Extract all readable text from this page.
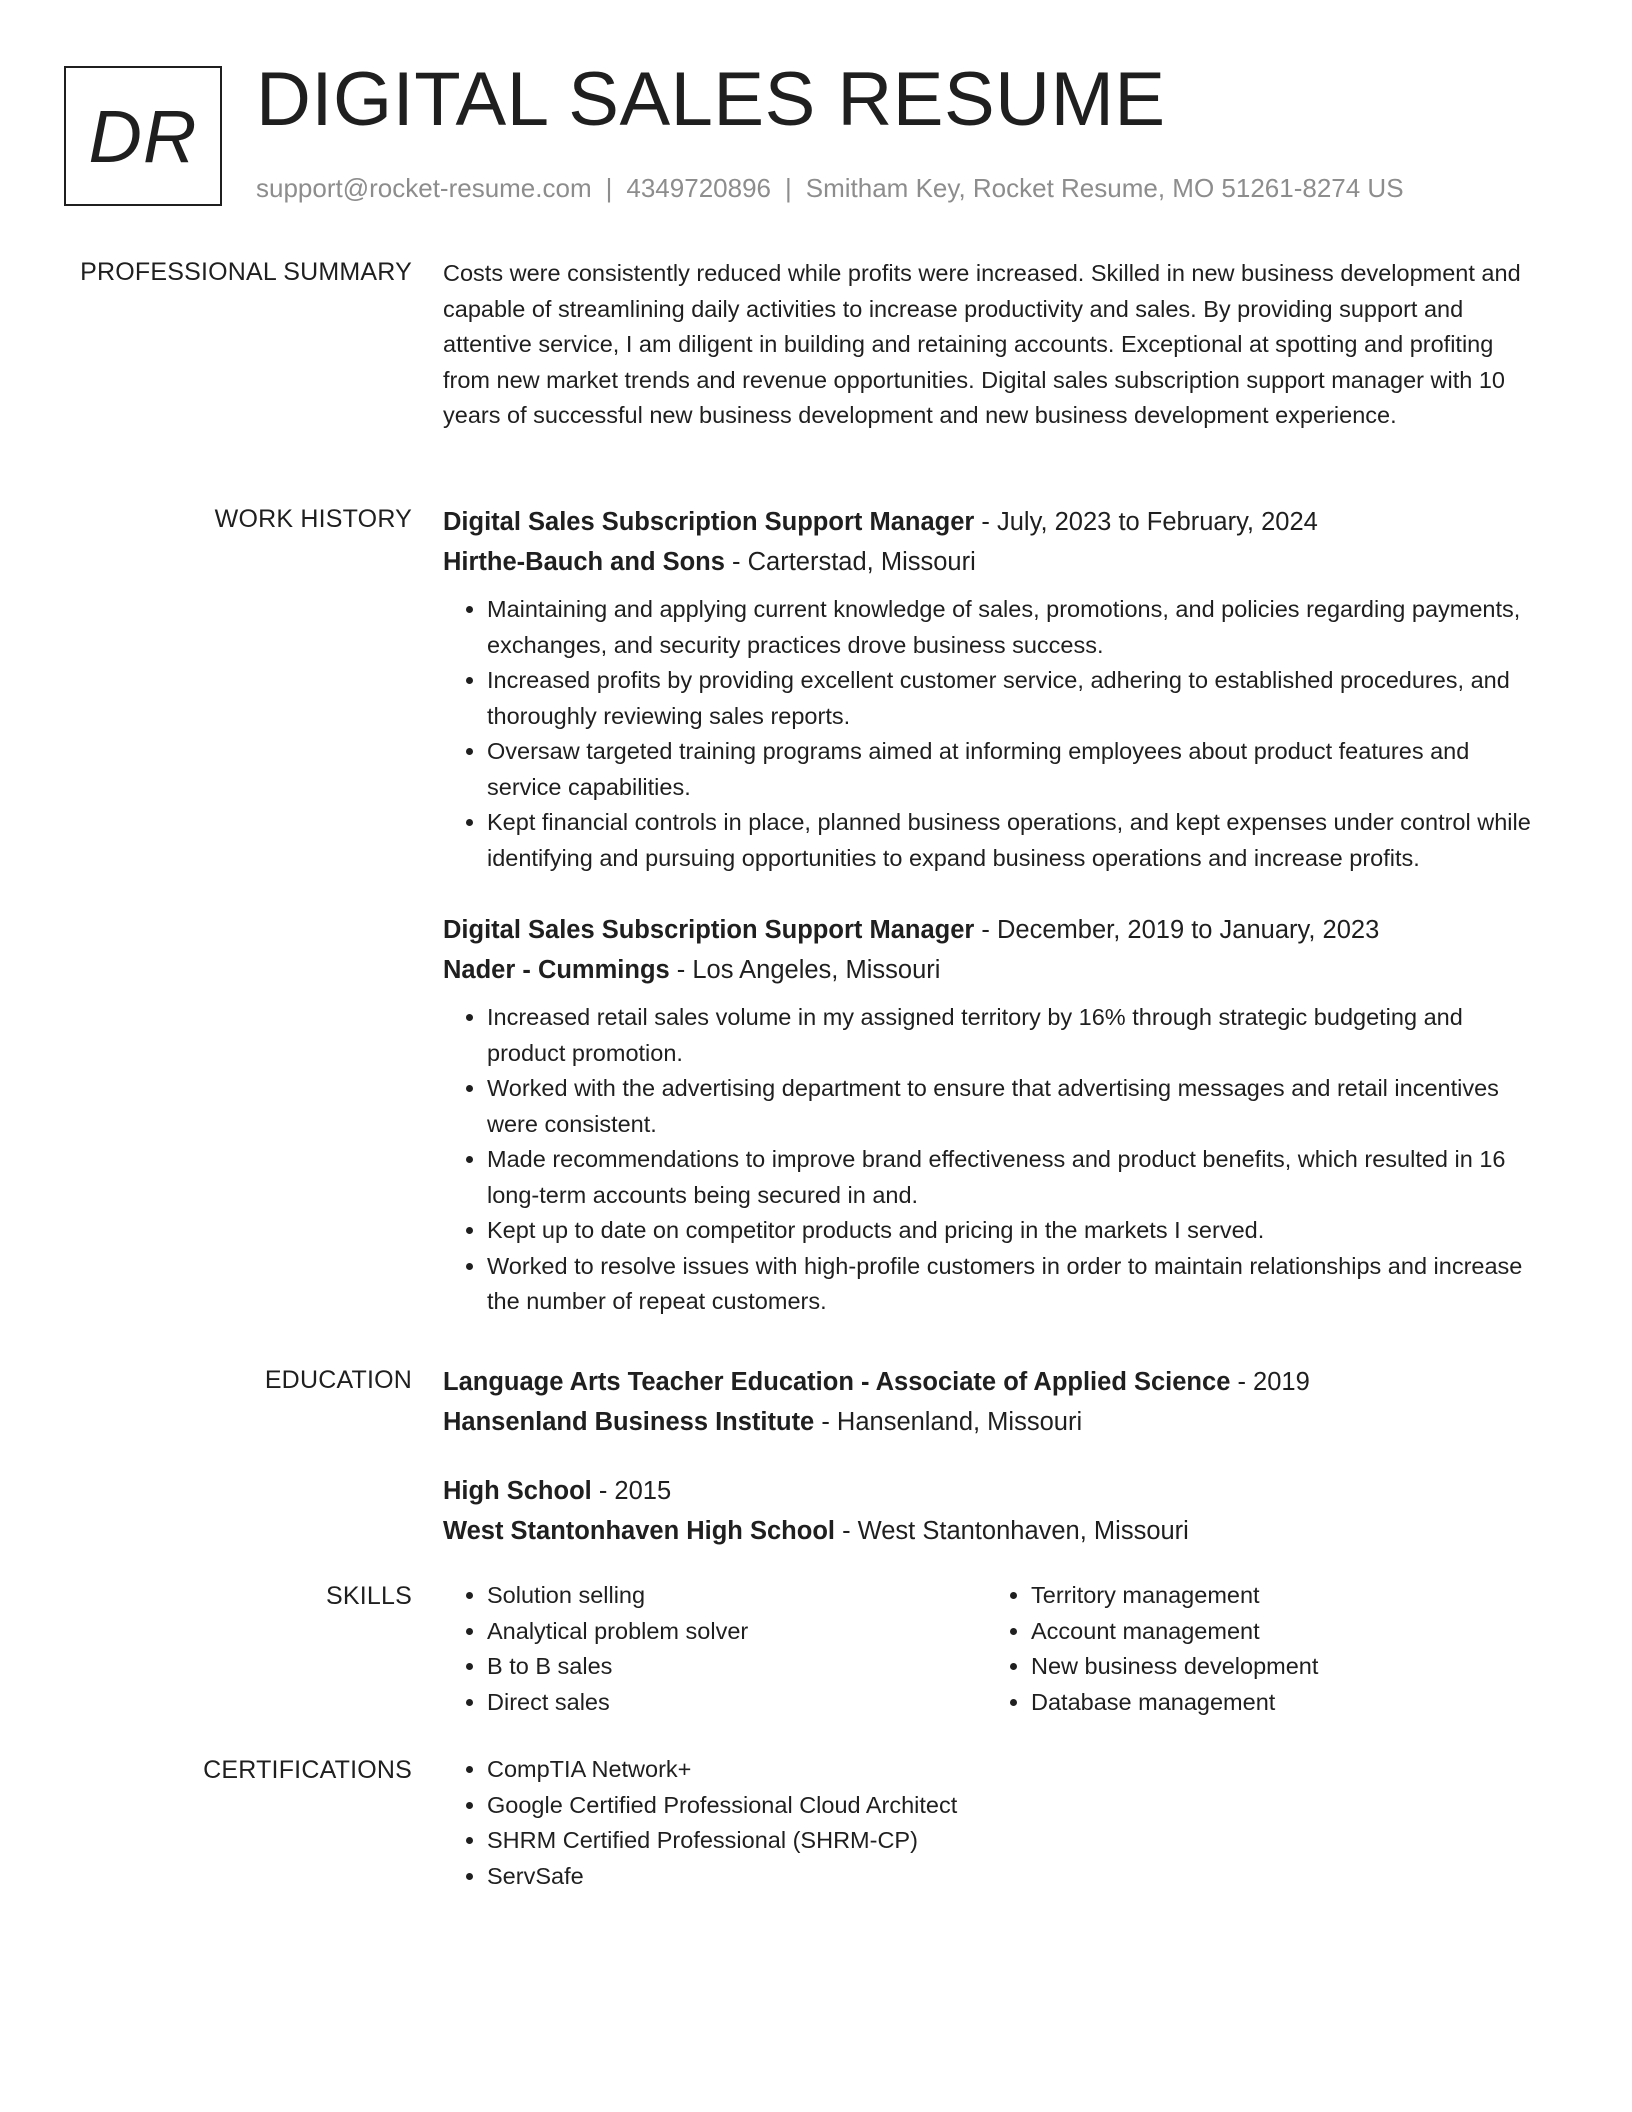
DR DIGITAL SALES RESUME
support@rocket-resume.com | 4349720896 | Smitham Key, Rocket Resume, MO 51261-8274 US
PROFESSIONAL SUMMARY Costs were consistently reduced while profits were increased. Skilled in new business development and capable of streamlining daily activities to increase productivity and sales. By providing support and attentive service, I am diligent in building and retaining accounts. Exceptional at spotting and profiting from new market trends and revenue opportunities. Digital sales subscription support manager with 10 years of successful new business development and new business development experience.

WORK HISTORY Digital Sales Subscription Support Manager - July, 2023 to February, 2024
Hirthe-Bauch and Sons - Carterstad, Missouri
• Maintaining and applying current knowledge of sales, promotions, and policies regarding payments, exchanges, and security practices drove business success.
• Increased profits by providing excellent customer service, adhering to established procedures, and thoroughly reviewing sales reports.
• Oversaw targeted training programs aimed at informing employees about product features and service capabilities.
• Kept financial controls in place, planned business operations, and kept expenses under control while identifying and pursuing opportunities to expand business operations and increase profits.
Digital Sales Subscription Support Manager - December, 2019 to January, 2023
Nader - Cummings - Los Angeles, Missouri
• Increased retail sales volume in my assigned territory by 16% through strategic budgeting and product promotion.
• Worked with the advertising department to ensure that advertising messages and retail incentives were consistent.
• Made recommendations to improve brand effectiveness and product benefits, which resulted in 16 long-term accounts being secured in and.
• Kept up to date on competitor products and pricing in the markets I served.
• Worked to resolve issues with high-profile customers in order to maintain relationships and increase the number of repeat customers.
EDUCATION Language Arts Teacher Education - Associate of Applied Science - 2019
Hansenland Business Institute - Hansenland, Missouri
High School - 2015
West Stantonhaven High School - West Stantonhaven, Missouri
SKILLS	• Solution selling
• Analytical problem solver
• B to B sales
• Direct sales
• Territory management
• Account management
• New business development
• Database management
CERTIFICATIONS	• CompTIA Network+
• Google Certified Professional Cloud Architect
• SHRM Certified Professional (SHRM-CP)
• ServSafe
